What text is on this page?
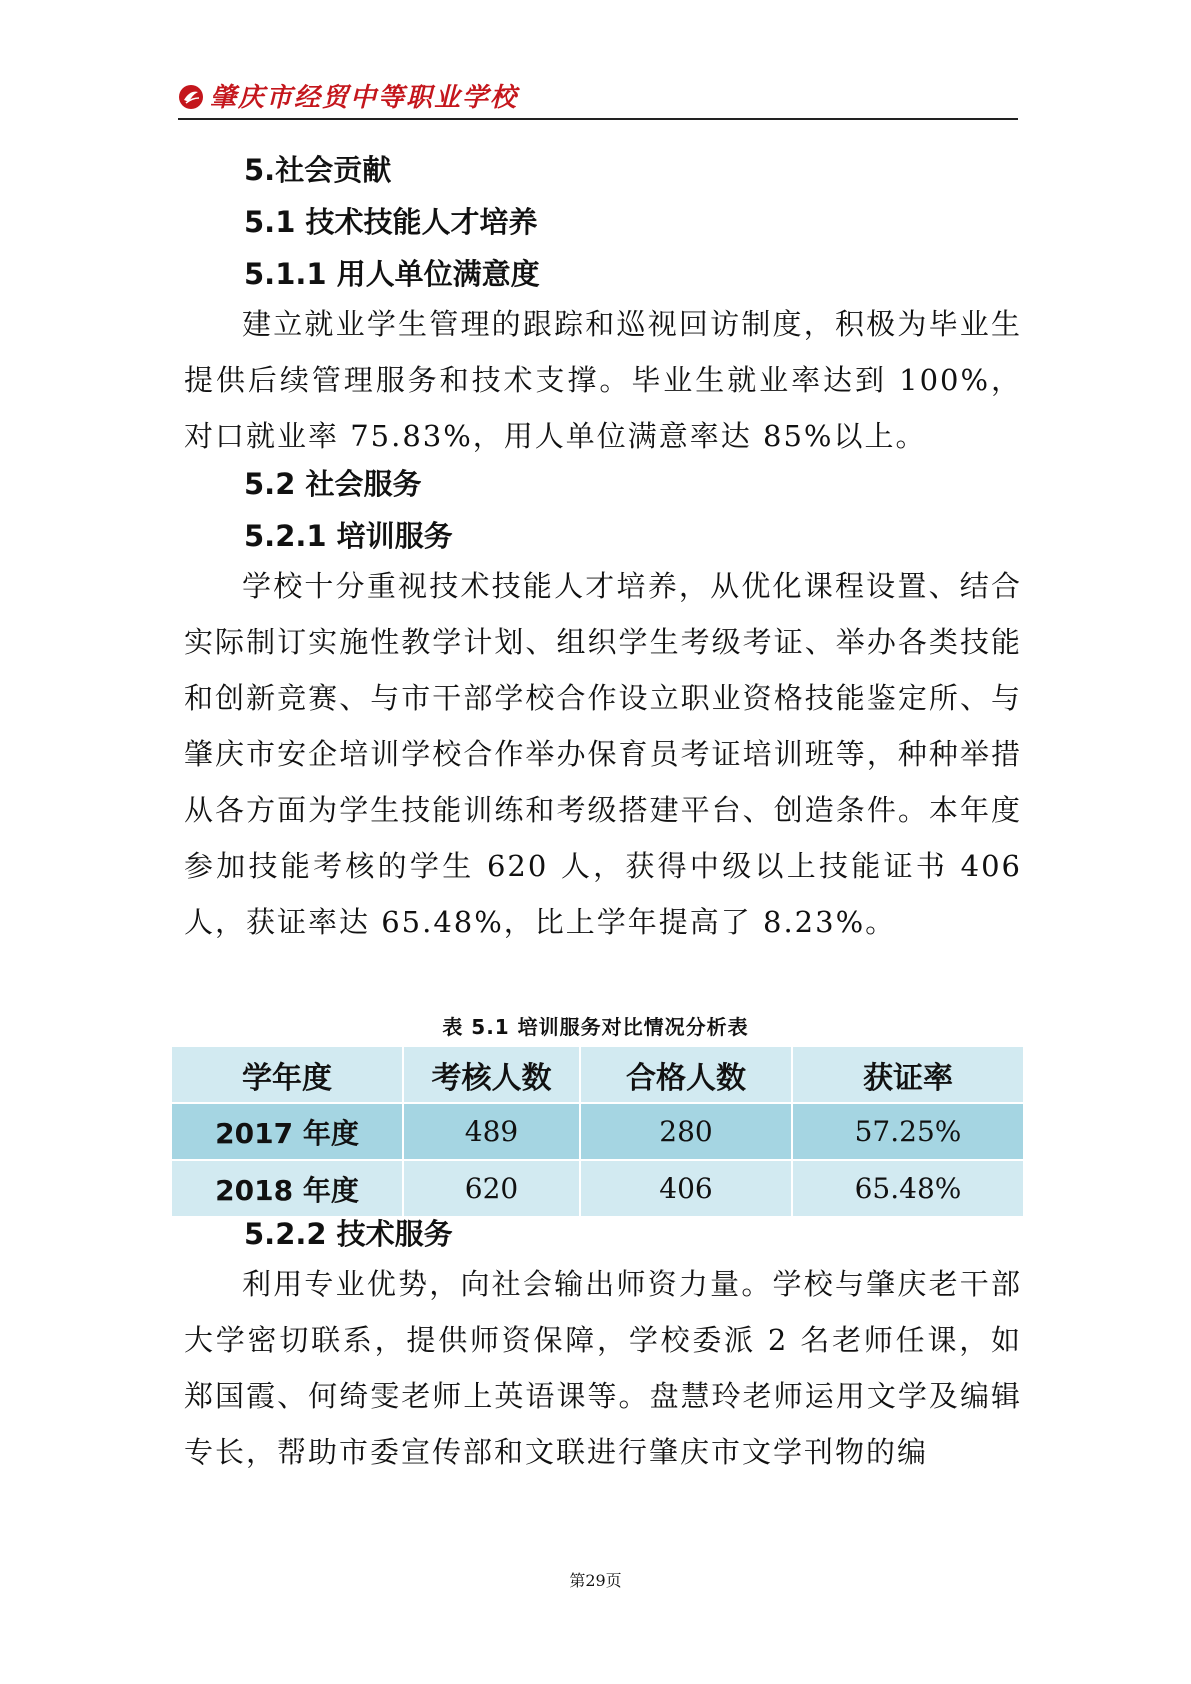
肇庆市经贸中等职业学校
5.社会贡献
5.1 技术技能人才培养
5.1.1 用人单位满意度

建立就业学生管理的跟踪和巡视回访制度，积极为毕业生提供后续管理服务和技术支撑。毕业生就业率达到 100%，对口就业率 75.83%，用人单位满意率达 85%以上。

5.2 社会服务
5.2.1 培训服务

学校十分重视技术技能人才培养，从优化课程设置、结合实际制订实施性教学计划、组织学生考级考证、举办各类技能和创新竞赛、与市干部学校合作设立职业资格技能鉴定所、与肇庆市安企培训学校合作举办保育员考证培训班等，种种举措从各方面为学生技能训练和考级搭建平台、创造条件。本年度参加技能考核的学生 620 人，获得中级以上技能证书 406 人，获证率达 65.48%，比上学年提高了 8.23%。

表 5.1 培训服务对比情况分析表
学年度	考核人数	合格人数	获证率
2017 年度	489	280	57.25%
2018 年度	620	406	65.48%
5.2.2 技术服务

利用专业优势，向社会输出师资力量。学校与肇庆老干部大学密切联系，提供师资保障，学校委派 2 名老师任课，如郑国霞、何绮雯老师上英语课等。盘慧玲老师运用文学及编辑专长，帮助市委宣传部和文联进行肇庆市文学刊物的编

第29页
